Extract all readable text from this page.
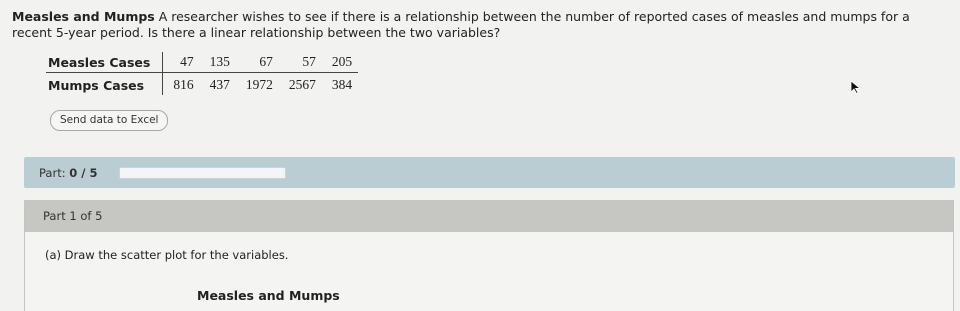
Measles and Mumps A researcher wishes to see if there is a relationship between the number of reported cases of measles and mumps for a recent 5-year period. Is there a linear relationship between the two variables?
Measles Cases	47	135	67	57	205
Mumps Cases	816	437	1972	2567	384
Send data to Excel
Part: 0 / 5
Part 1 of 5
(a) Draw the scatter plot for the variables.
Measles and Mumps
